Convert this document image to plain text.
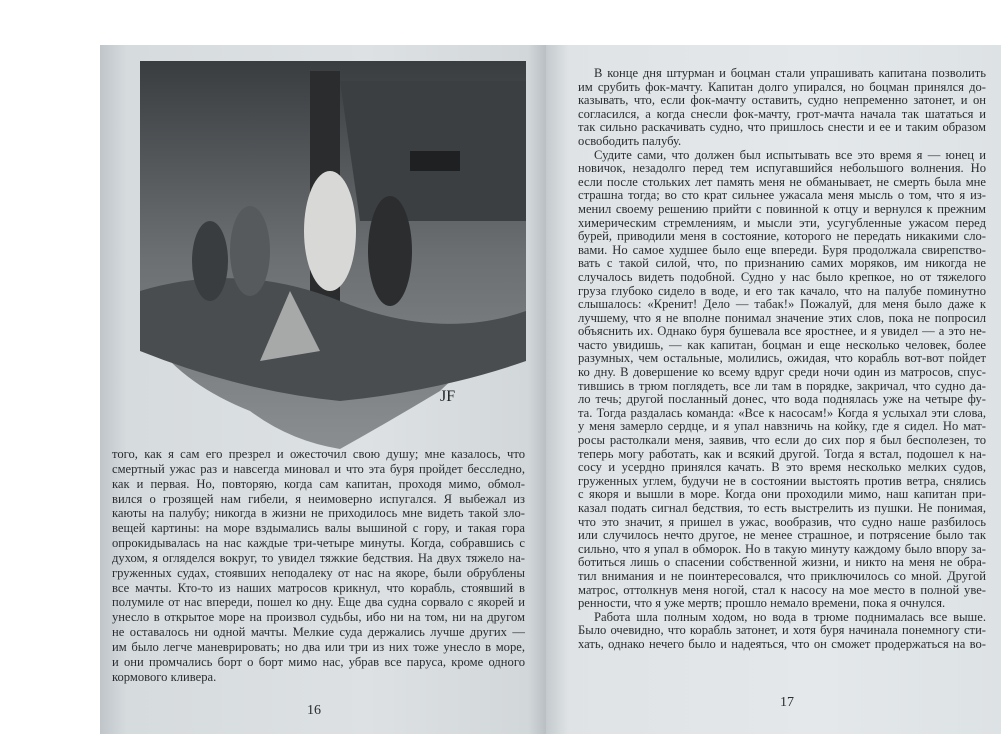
JF
того, как я сам его презрел и ожесточил свою душу; мне казалось, что
смертный ужас раз и навсегда миновал и что эта буря пройдет бесследно,
как и первая. Но, повторяю, когда сам капитан, проходя мимо, обмол-
вился о грозящей нам гибели, я неимоверно испугался. Я выбежал из
каюты на палубу; никогда в жизни не приходилось мне видеть такой зло-
вещей картины: на море вздымались валы вышиной с гору, и такая гора
опрокидывалась на нас каждые три-четыре минуты. Когда, собравшись с
духом, я огляделся вокруг, то увидел тяжкие бедствия. На двух тяжело на-
груженных судах, стоявших неподалеку от нас на якоре, были обрублены
все мачты. Кто-то из наших матросов крикнул, что корабль, стоявший в
полумиле от нас впереди, пошел ко дну. Еще два судна сорвало с якорей и
унесло в открытое море на произвол судьбы, ибо ни на том, ни на другом
не оставалось ни одной мачты. Мелкие суда держались лучше других —
им было легче маневрировать; но два или три из них тоже унесло в море,
и они промчались борт о борт мимо нас, убрав все паруса, кроме одного
кормового кливера.
16
В конце дня штурман и боцман стали упрашивать капитана позволить
им срубить фок-мачту. Капитан долго упирался, но боцман принялся до-
казывать, что, если фок-мачту оставить, судно непременно затонет, и он
согласился, а когда снесли фок-мачту, грот-мачта начала так шататься и
так сильно раскачивать судно, что пришлось снести и ее и таким образом
освободить палубу.
Судите сами, что должен был испытывать все это время я — юнец и
новичок, незадолго перед тем испугавшийся небольшого волнения. Но
если после стольких лет память меня не обманывает, не смерть была мне
страшна тогда; во сто крат сильнее ужасала меня мысль о том, что я из-
менил своему решению прийти с повинной к отцу и вернулся к прежним
химерическим стремлениям, и мысли эти, усугубленные ужасом перед
бурей, приводили меня в состояние, которого не передать никакими сло-
вами. Но самое худшее было еще впереди. Буря продолжала свирепство-
вать с такой силой, что, по признанию самих моряков, им никогда не
случалось видеть подобной. Судно у нас было крепкое, но от тяжелого
груза глубоко сидело в воде, и его так качало, что на палубе поминутно
слышалось: «Кренит! Дело — табак!» Пожалуй, для меня было даже к
лучшему, что я не вполне понимал значение этих слов, пока не попросил
объяснить их. Однако буря бушевала все яростнее, и я увидел — а это не-
часто увидишь, — как капитан, боцман и еще несколько человек, более
разумных, чем остальные, молились, ожидая, что корабль вот-вот пойдет
ко дну. В довершение ко всему вдруг среди ночи один из матросов, спус-
тившись в трюм поглядеть, все ли там в порядке, закричал, что судно да-
ло течь; другой посланный донес, что вода поднялась уже на четыре фу-
та. Тогда раздалась команда: «Все к насосам!» Когда я услыхал эти слова,
у меня замерло сердце, и я упал навзничь на койку, где я сидел. Но мат-
росы растолкали меня, заявив, что если до сих пор я был бесполезен, то
теперь могу работать, как и всякий другой. Тогда я встал, подошел к на-
сосу и усердно принялся качать. В это время несколько мелких судов,
груженных углем, будучи не в состоянии выстоять против ветра, снялись
с якоря и вышли в море. Когда они проходили мимо, наш капитан при-
казал подать сигнал бедствия, то есть выстрелить из пушки. Не понимая,
что это значит, я пришел в ужас, вообразив, что судно наше разбилось
или случилось нечто другое, не менее страшное, и потрясение было так
сильно, что я упал в обморок. Но в такую минуту каждому было впору за-
ботиться лишь о спасении собственной жизни, и никто на меня не обра-
тил внимания и не поинтересовался, что приключилось со мной. Другой
матрос, оттолкнув меня ногой, стал к насосу на мое место в полной уве-
ренности, что я уже мертв; прошло немало времени, пока я очнулся.
Работа шла полным ходом, но вода в трюме поднималась все выше.
Было очевидно, что корабль затонет, и хотя буря начинала понемногу сти-
хать, однако нечего было и надеяться, что он сможет продержаться на во-
17
